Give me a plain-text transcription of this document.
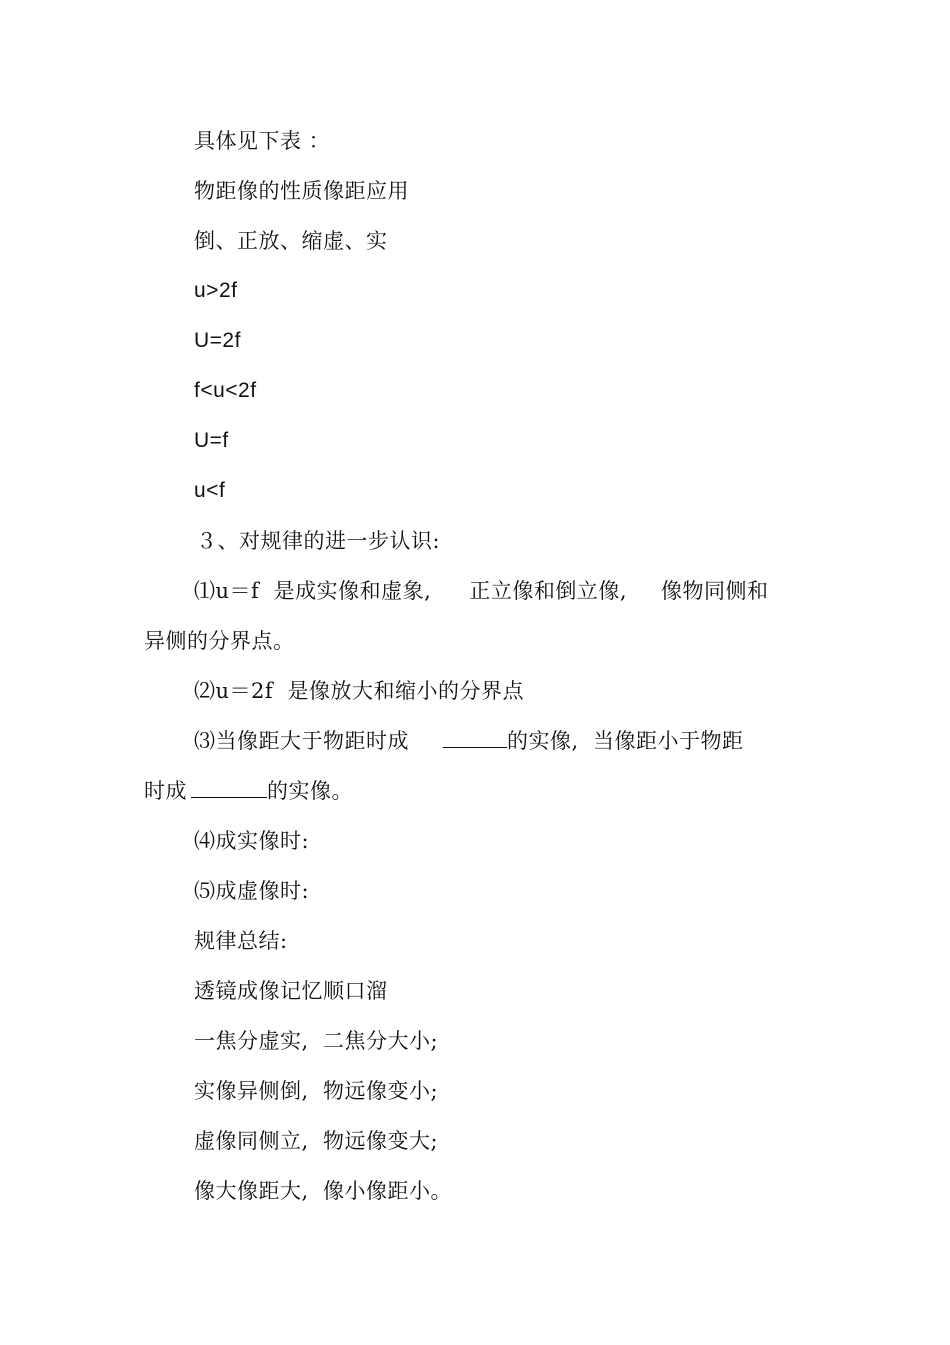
具体见下表 ：
物距像的性质像距应用
倒、正放、缩虚、实
u>2f
U=2f
f<u<2f
U=f
u<f
３、对规律的进一步认识:
⑴u＝f  是成实像和虚象, 正立像和倒立像, 像物同侧和
异侧的分界点。
⑵u＝2f  是像放大和缩小的分界点
⑶当像距大于物距时成	的实像,  当像距小于物距
时成	的实像。
⑷成实像时:
⑸成虚像时:
规律总结:
透镜成像记忆顺口溜
一焦分虚实,  二焦分大小;
实像异侧倒,  物远像变小;
虚像同侧立,  物远像变大;
像大像距大,  像小像距小。
